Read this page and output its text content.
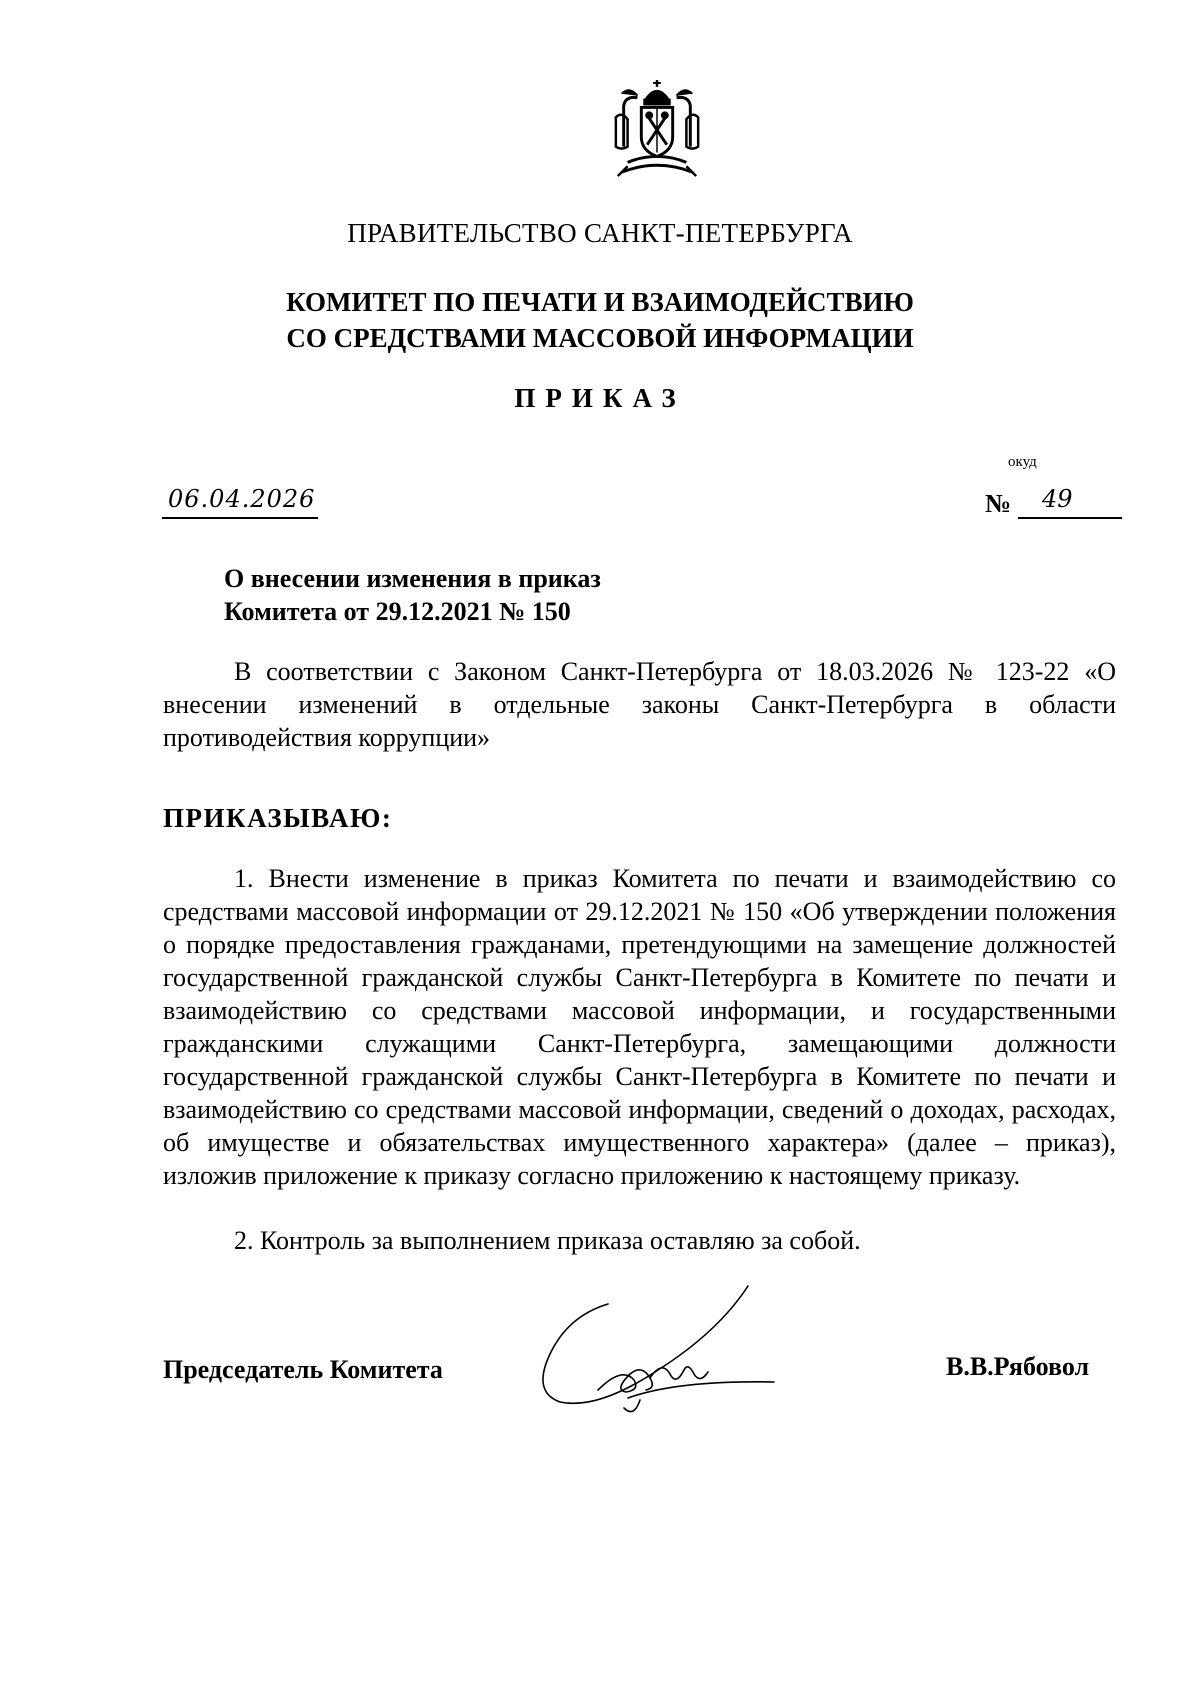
ПРАВИТЕЛЬСТВО САНКТ-ПЕТЕРБУРГА
КОМИТЕТ ПО ПЕЧАТИ И ВЗАИМОДЕЙСТВИЮ
СО СРЕДСТВАМИ МАССОВОЙ ИНФОРМАЦИИ
ПРИКАЗ
окуд
06.04.2026	№ 49
О внесении изменения в приказ
Комитета от 29.12.2021 № 150
В соответствии с Законом Санкт-Петербурга от 18.03.2026 № 123-22 «О внесении изменений в отдельные законы Санкт-Петербурга в области противодействия коррупции»
ПРИКАЗЫВАЮ:
1. Внести изменение в приказ Комитета по печати и взаимодействию со средствами массовой информации от 29.12.2021 № 150 «Об утверждении положения о порядке предоставления гражданами, претендующими на замещение должностей государственной гражданской службы Санкт-Петербурга в Комитете по печати и взаимодействию со средствами массовой информации, и государственными гражданскими служащими Санкт-Петербурга, замещающими должности государственной гражданской службы Санкт-Петербурга в Комитете по печати и взаимодействию со средствами массовой информации, сведений о доходах, расходах, об имуществе и обязательствах имущественного характера» (далее – приказ), изложив приложение к приказу согласно приложению к настоящему приказу.
2. Контроль за выполнением приказа оставляю за собой.
Председатель Комитета	В.В.Рябовол
